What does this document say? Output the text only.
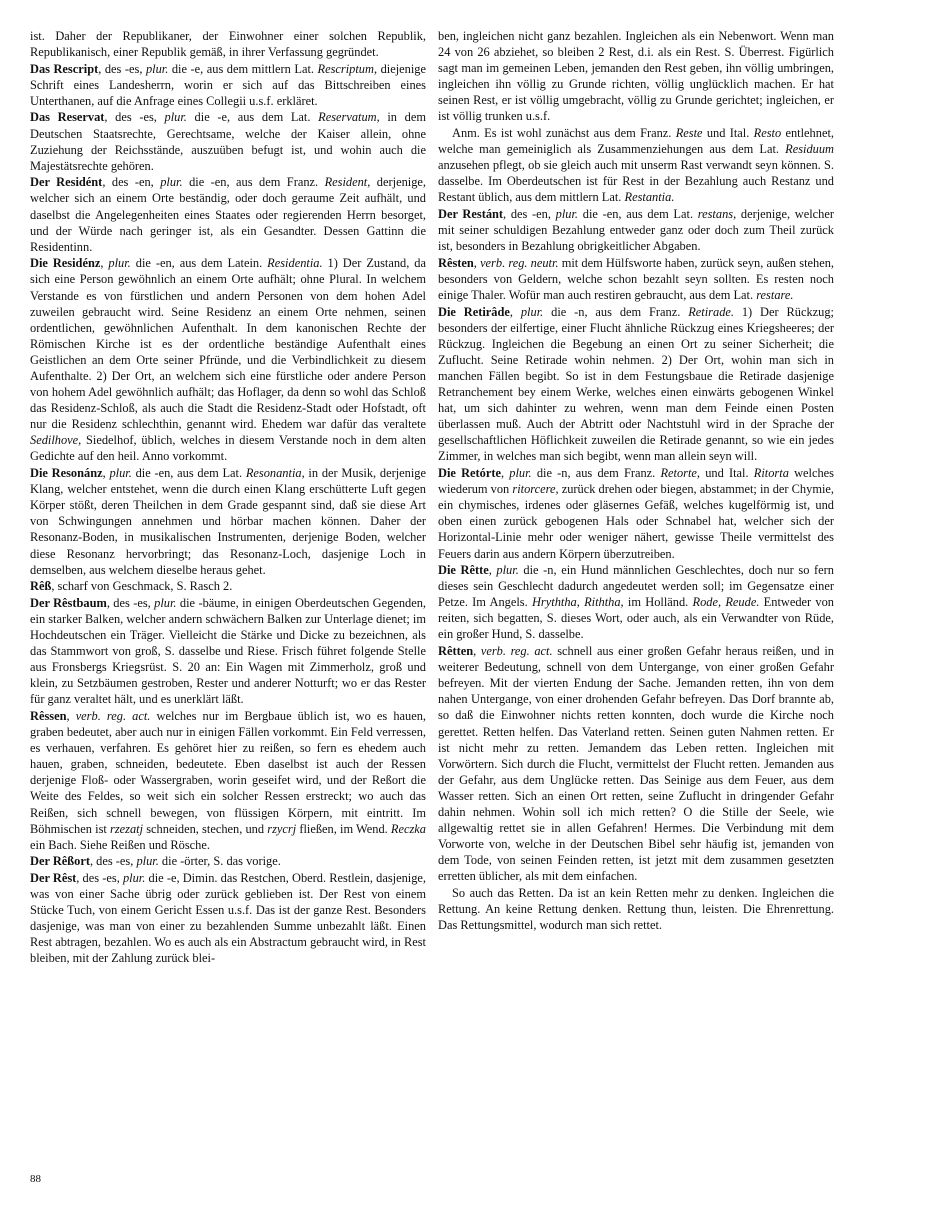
ist. Daher der Republikaner, der Einwohner einer solchen Republik, Republikanisch, einer Republik gemäß, in ihrer Verfassung gegründet.

Das Rescript, des -es, plur. die -e, aus dem mittlern Lat. Rescriptum, diejenige Schrift eines Landesherrn, worin er sich auf das Bittschreiben eines Unterthanen, auf die Anfrage eines Collegii u.s.f. erkläret.

Das Reservat, des -es, plur. die -e, aus dem Lat. Reservatum, in dem Deutschen Staatsrechte, Gerechtsame, welche der Kaiser allein, ohne Zuziehung der Reichsstände, auszuüben befugt ist, und wohin auch die Majestätsrechte gehören.

Der Residént, des -en, plur. die -en, aus dem Franz. Resident, derjenige, welcher sich an einem Orte beständig, oder doch geraume Zeit aufhält, und daselbst die Angelegenheiten eines Staates oder regierenden Herrn besorget, und der Würde nach geringer ist, als ein Gesandter. Dessen Gattinn die Residentinn.

Die Residénz, plur. die -en, aus dem Latein. Residentia. 1) Der Zustand, da sich eine Person gewöhnlich an einem Orte aufhält; ohne Plural. In welchem Verstande es von fürstlichen und andern Personen von dem hohen Adel zuweilen gebraucht wird. Seine Residenz an einem Orte nehmen, seinen ordentlichen, gewöhnlichen Aufenthalt. In dem kanonischen Rechte der Römischen Kirche ist es der ordentliche beständige Aufenthalt eines Geistlichen an dem Orte seiner Pfründe, und die Verbindlichkeit zu diesem Aufenthalte. 2) Der Ort, an welchem sich eine fürstliche oder andere Person von hohem Adel gewöhnlich aufhält; das Hoflager, da denn so wohl das Schloß das Residenz-Schloß, als auch die Stadt die Residenz-Stadt oder Hofstadt, oft nur die Residenz schlechthin, genannt wird. Ehedem war dafür das veraltete Sedilhove, Siedelhof, üblich, welches in diesem Verstande noch in dem alten Gedichte auf den heil. Anno vorkommt.

Die Resonánz, plur. die -en, aus dem Lat. Resonantia, in der Musik, derjenige Klang, welcher entstehet, wenn die durch einen Klang erschütterte Luft gegen Körper stößt, deren Theilchen in dem Grade gespannt sind, daß sie diese Art von Schwingungen annehmen und hörbar machen können. Daher der Resonanz-Boden, in musikalischen Instrumenten, derjenige Boden, welcher diese Resonanz hervorbringt; das Resonanz-Loch, dasjenige Loch in demselben, aus welchem dieselbe heraus gehet.

Rêß, scharf von Geschmack, S. Rasch 2.

Der Rêstbaum, des -es, plur. die -bäume, in einigen Oberdeutschen Gegenden, ein starker Balken, welcher andern schwächern Balken zur Unterlage dienet; im Hochdeutschen ein Träger. Vielleicht die Stärke und Dicke zu bezeichnen, als das Stammwort von groß, S. dasselbe und Riese. Frisch führet folgende Stelle aus Fronsbergs Kriegsrüst. S. 20 an: Ein Wagen mit Zimmerholz, groß und klein, zu Setzbäumen gestroben, Rester und anderer Notturft; wo er das Rester für ganz veraltet hält, und es unerklärt läßt.

Rêssen, verb. reg. act. welches nur im Bergbaue üblich ist, wo es hauen, graben bedeutet, aber auch nur in einigen Fällen vorkommt. Ein Feld verressen, es verhauen, verfahren. Es gehöret hier zu reißen, so fern es ehedem auch hauen, graben, schneiden, bedeutete. Eben daselbst ist auch der Ressen derjenige Floß- oder Wassergraben, worin geseifet wird, und der Reßort die Weite des Feldes, so weit sich ein solcher Ressen erstreckt; wo auch das Reißen, sich schnell bewegen, von flüssigen Körpern, mit eintritt. Im Böhmischen ist rzezatj schneiden, stechen, und rzycrj fließen, im Wend. Reczka ein Bach. Siehe Reißen und Rösche.

Der Rêßort, des -es, plur. die -örter, S. das vorige.

Der Rêst, des -es, plur. die -e, Dimin. das Restchen, Oberd. Restlein, dasjenige, was von einer Sache übrig oder zurück geblieben ist. Der Rest von einem Stücke Tuch, von einem Gericht Essen u.s.f. Das ist der ganze Rest. Besonders dasjenige, was man von einer zu bezahlenden Summe unbezahlt läßt. Einen Rest abtragen, bezahlen. Wo es auch als ein Abstractum gebraucht wird, in Rest bleiben, mit der Zahlung zurück blei-

ben, ingleichen nicht ganz bezahlen. Ingleichen als ein Nebenwort. Wenn man 24 von 26 abziehet, so bleiben 2 Rest, d.i. als ein Rest. S. Überrest. Figürlich sagt man im gemeinen Leben, jemanden den Rest geben, ihn völlig umbringen, ingleichen ihn völlig zu Grunde richten, völlig unglücklich machen. Er hat seinen Rest, er ist völlig umgebracht, völlig zu Grunde gerichtet; ingleichen, er ist völlig trunken u.s.f.

Anm. Es ist wohl zunächst aus dem Franz. Reste und Ital. Resto entlehnet, welche man gemeiniglich als Zusammenziehungen aus dem Lat. Residuum anzusehen pflegt, ob sie gleich auch mit unserm Rast verwandt seyn können. S. dasselbe. Im Oberdeutschen ist für Rest in der Bezahlung auch Restanz und Restant üblich, aus dem mittlern Lat. Restantia.

Der Restánt, des -en, plur. die -en, aus dem Lat. restans, derjenige, welcher mit seiner schuldigen Bezahlung entweder ganz oder doch zum Theil zurück ist, besonders in Bezahlung obrigkeitlicher Abgaben.

Rêsten, verb. reg. neutr. mit dem Hülfsworte haben, zurück seyn, außen stehen, besonders von Geldern, welche schon bezahlt seyn sollten. Es resten noch einige Thaler. Wofür man auch restiren gebraucht, aus dem Lat. restare.

Die Retirâde, plur. die -n, aus dem Franz. Retirade. 1) Der Rückzug; besonders der eilfertige, einer Flucht ähnliche Rückzug eines Kriegsheeres; der Rückzug. Ingleichen die Begebung an einen Ort zu seiner Sicherheit; die Zuflucht. Seine Retirade wohin nehmen. 2) Der Ort, wohin man sich in manchen Fällen begibt. So ist in dem Festungsbaue die Retirade dasjenige Retranchement bey einem Werke, welches einen einwärts gebogenen Winkel hat, um sich dahinter zu wehren, wenn man dem Feinde einen Posten überlassen muß. Auch der Abtritt oder Nachtstuhl wird in der Sprache der gesellschaftlichen Höflichkeit zuweilen die Retirade genannt, so wie ein jedes Zimmer, in welches man sich begibt, wenn man allein seyn will.

Die Retórte, plur. die -n, aus dem Franz. Retorte, und Ital. Ritorta welches wiederum von ritorcere, zurück drehen oder biegen, abstammet; in der Chymie, ein chymisches, irdenes oder gläsernes Gefäß, welches kugelförmig ist, und oben einen zurück gebogenen Hals oder Schnabel hat, welcher sich der Horizontal-Linie mehr oder weniger nähert, gewisse Theile vermittelst des Feuers darin aus andern Körpern überzutreiben.

Die Rêtte, plur. die -n, ein Hund männlichen Geschlechtes, doch nur so fern dieses sein Geschlecht dadurch angedeutet werden soll; im Gegensatze einer Petze. Im Angels. Hryththa, Riththa, im Holländ. Rode, Reude. Entweder von reiten, sich begatten, S. dieses Wort, oder auch, als ein Verwandter von Rüde, ein großer Hund, S. dasselbe.

Rêtten, verb. reg. act. schnell aus einer großen Gefahr heraus reißen, und in weiterer Bedeutung, schnell von dem Untergange, von einer großen Gefahr befreyen. Mit der vierten Endung der Sache. Jemanden retten, ihn von dem nahen Untergange, von einer drohenden Gefahr befreyen. Das Dorf brannte ab, so daß die Einwohner nichts retten konnten, doch wurde die Kirche noch gerettet. Retten helfen. Das Vaterland retten. Seinen guten Nahmen retten. Er ist nicht mehr zu retten. Jemandem das Leben retten. Ingleichen mit Vorwörtern. Sich durch die Flucht, vermittelst der Flucht retten. Jemanden aus der Gefahr, aus dem Unglücke retten. Das Seinige aus dem Feuer, aus dem Wasser retten. Sich an einen Ort retten, seine Zuflucht in dringender Gefahr dahin nehmen. Wohin soll ich mich retten? O die Stille der Seele, wie allgewaltig rettet sie in allen Gefahren! Hermes. Die Verbindung mit dem Vorworte von, welche in der Deutschen Bibel sehr häufig ist, jemanden von dem Tode, von seinen Feinden retten, ist jetzt mit dem zusammen gesetzten erretten üblicher, als mit dem einfachen.

So auch das Retten. Da ist an kein Retten mehr zu denken. Ingleichen die Rettung. An keine Rettung denken. Rettung thun, leisten. Die Ehrenrettung. Das Rettungsmittel, wodurch man sich rettet.

88
